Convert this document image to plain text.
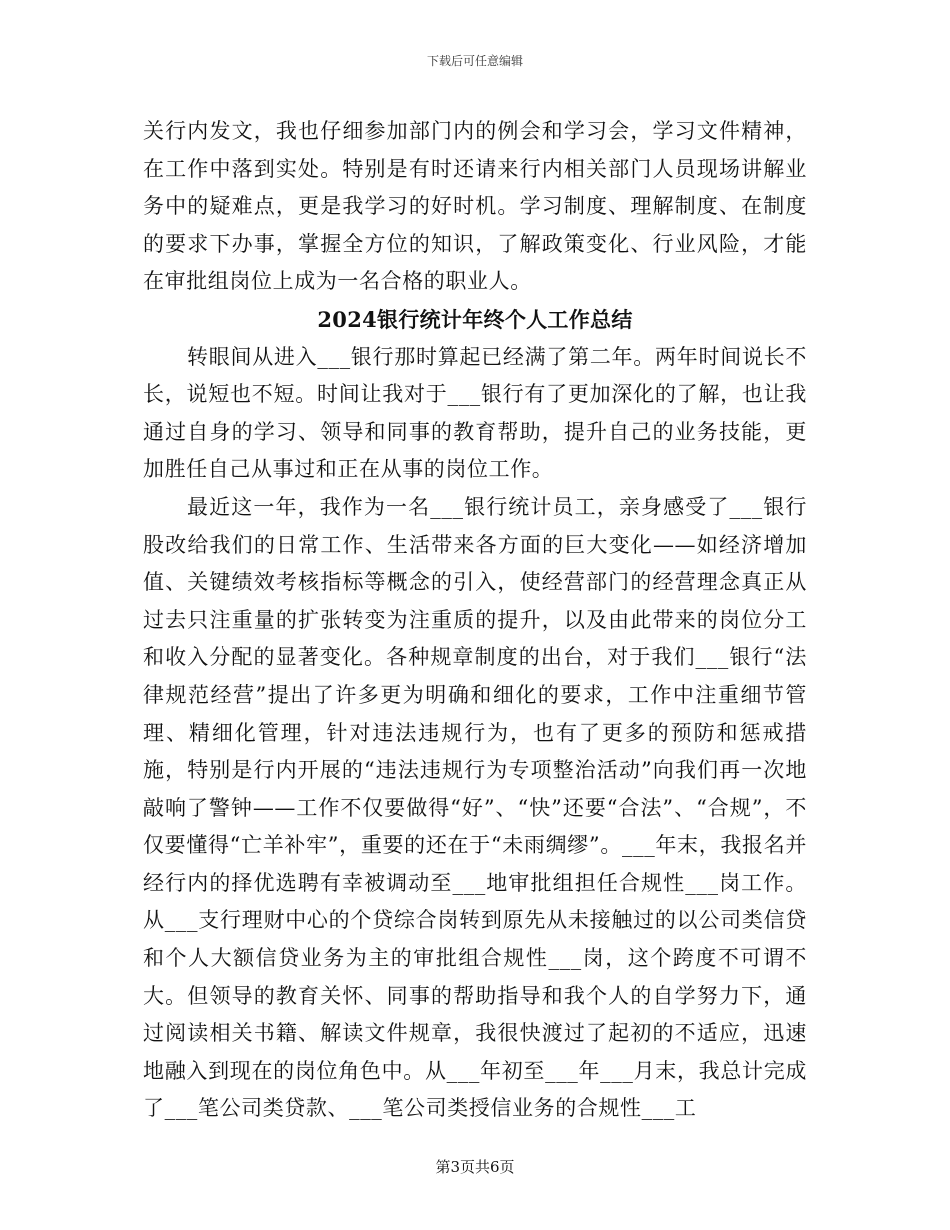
下载后可任意编辑

关行内发文，我也仔细参加部门内的例会和学习会，学习文件精神，在工作中落到实处。特别是有时还请来行内相关部门人员现场讲解业务中的疑难点，更是我学习的好时机。学习制度、理解制度、在制度的要求下办事，掌握全方位的知识，了解政策变化、行业风险，才能在审批组岗位上成为一名合格的职业人。

2024银行统计年终个人工作总结

转眼间从进入___银行那时算起已经满了第二年。两年时间说长不长，说短也不短。时间让我对于___银行有了更加深化的了解，也让我通过自身的学习、领导和同事的教育帮助，提升自己的业务技能，更加胜任自己从事过和正在从事的岗位工作。

最近这一年，我作为一名___银行统计员工，亲身感受了___银行股改给我们的日常工作、生活带来各方面的巨大变化——如经济增加值、关键绩效考核指标等概念的引入，使经营部门的经营理念真正从过去只注重量的扩张转变为注重质的提升，以及由此带来的岗位分工和收入分配的显著变化。各种规章制度的出台，对于我们___银行“法律规范经营”提出了许多更为明确和细化的要求，工作中注重细节管理、精细化管理，针对违法违规行为，也有了更多的预防和惩戒措施，特别是行内开展的“违法违规行为专项整治活动”向我们再一次地敲响了警钟——工作不仅要做得“好”、“快”还要“合法”、“合规”，不仅要懂得“亡羊补牢”，重要的还在于“未雨绸缪”。___年末，我报名并经行内的择优选聘有幸被调动至___地审批组担任合规性___岗工作。从___支行理财中心的个贷综合岗转到原先从未接触过的以公司类信贷和个人大额信贷业务为主的审批组合规性___岗，这个跨度不可谓不大。但领导的教育关怀、同事的帮助指导和我个人的自学努力下，通过阅读相关书籍、解读文件规章，我很快渡过了起初的不适应，迅速地融入到现在的岗位角色中。从___年初至___年___月末，我总计完成了___笔公司类贷款、___笔公司类授信业务的合规性___工

第3页共6页
